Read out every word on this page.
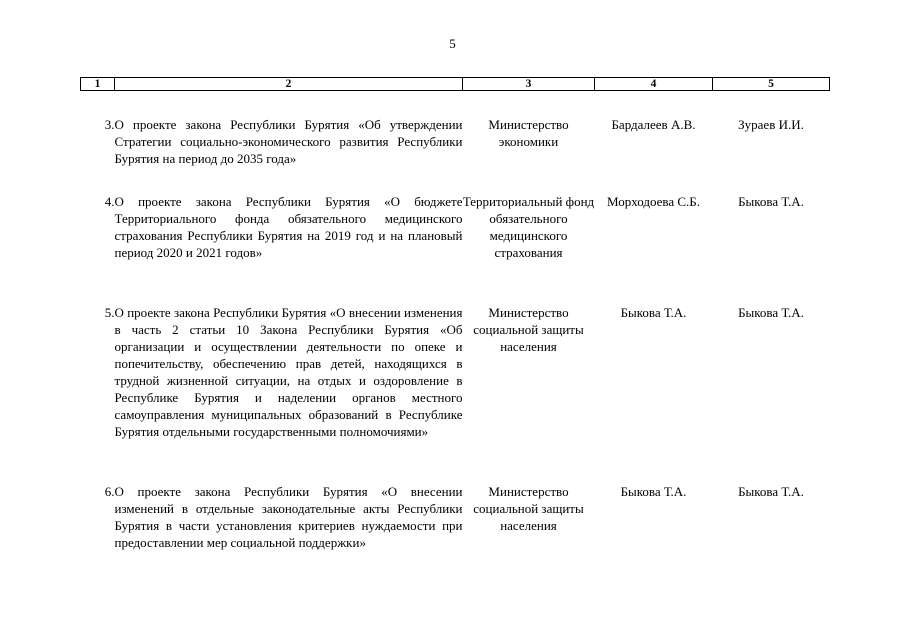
5
1	2	3	4	5
3.	О проекте закона Республики Бурятия «Об утверждении Стратегии социально-экономического развития Республики Бурятия на период до 2035 года»	Министерство экономики	Бардалеев А.В.	Зураев И.И.
4.	О проекте закона Республики Бурятия «О бюджете Территориального фонда обязательного медицинского страхования Республики Бурятия на 2019 год и на плановый период 2020 и 2021 годов»	Территориальный фонд обязательного медицинского страхования	Морходоева С.Б.	Быкова Т.А.
5.	О проекте закона Республики Бурятия «О внесении изменения в часть 2 статьи 10 Закона Республики Бурятия «Об организации и осуществлении деятельности по опеке и попечительству, обеспечению прав детей, находящихся в трудной жизненной ситуации, на отдых и оздоровление в Республике Бурятия и наделении органов местного самоуправления муниципальных образований в Республике Бурятия отдельными государственными полномочиями»	Министерство социальной защиты населения	Быкова Т.А.	Быкова Т.А.
6.	О проекте закона Республики Бурятия «О внесении изменений в отдельные законодательные акты Республики Бурятия в части установления критериев нуждаемости при предоставлении мер социальной поддержки»	Министерство социальной защиты населения	Быкова Т.А.	Быкова Т.А.
